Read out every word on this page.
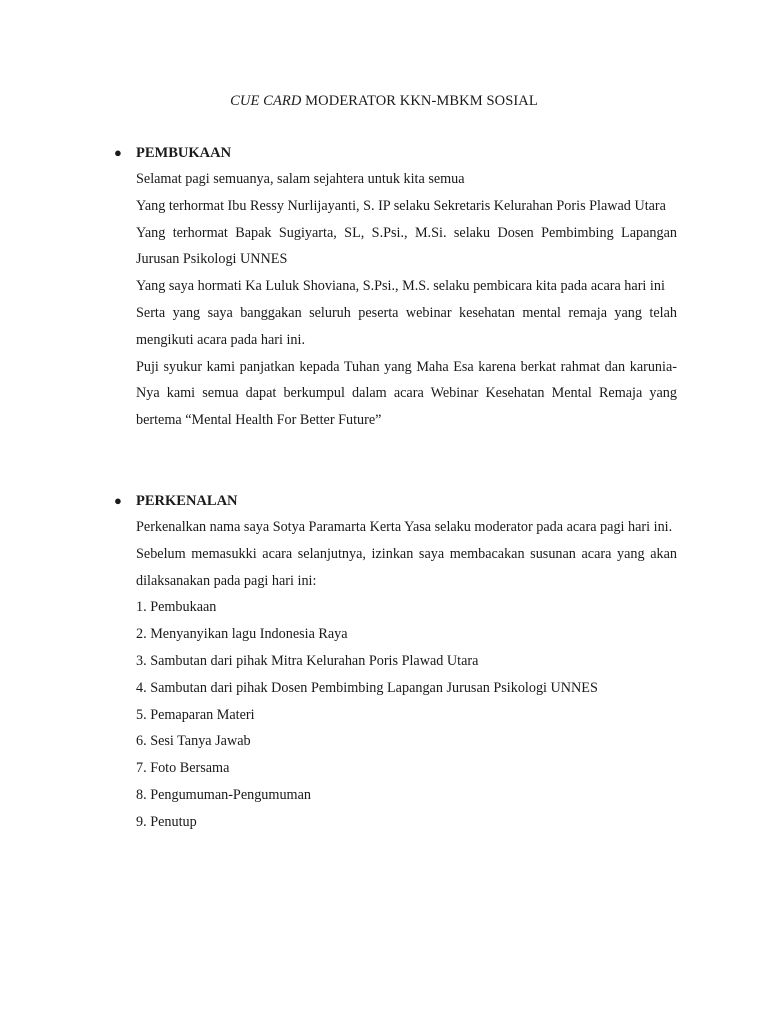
CUE CARD MODERATOR KKN-MBKM SOSIAL
● PEMBUKAAN

Selamat pagi semuanya, salam sejahtera untuk kita semua

Yang terhormat Ibu Ressy Nurlijayanti, S. IP selaku Sekretaris Kelurahan Poris Plawad Utara

Yang terhormat Bapak Sugiyarta, SL, S.Psi., M.Si. selaku Dosen Pembimbing Lapangan Jurusan Psikologi UNNES

Yang saya hormati Ka Luluk Shoviana, S.Psi., M.S. selaku pembicara kita pada acara hari ini

Serta yang saya banggakan seluruh peserta webinar kesehatan mental remaja yang telah mengikuti acara pada hari ini.

Puji syukur kami panjatkan kepada Tuhan yang Maha Esa karena berkat rahmat dan karunia-Nya kami semua dapat berkumpul dalam acara Webinar Kesehatan Mental Remaja yang bertema “Mental Health For Better Future”

● PERKENALAN

Perkenalkan nama saya Sotya Paramarta Kerta Yasa selaku moderator pada acara pagi hari ini.

Sebelum memasukki acara selanjutnya, izinkan saya membacakan susunan acara yang akan dilaksanakan pada pagi hari ini:

1. Pembukaan

2. Menyanyikan lagu Indonesia Raya

3. Sambutan dari pihak Mitra Kelurahan Poris Plawad Utara

4. Sambutan dari pihak Dosen Pembimbing Lapangan Jurusan Psikologi UNNES

5. Pemaparan Materi

6. Sesi Tanya Jawab

7. Foto Bersama

8. Pengumuman-Pengumuman

9. Penutup
